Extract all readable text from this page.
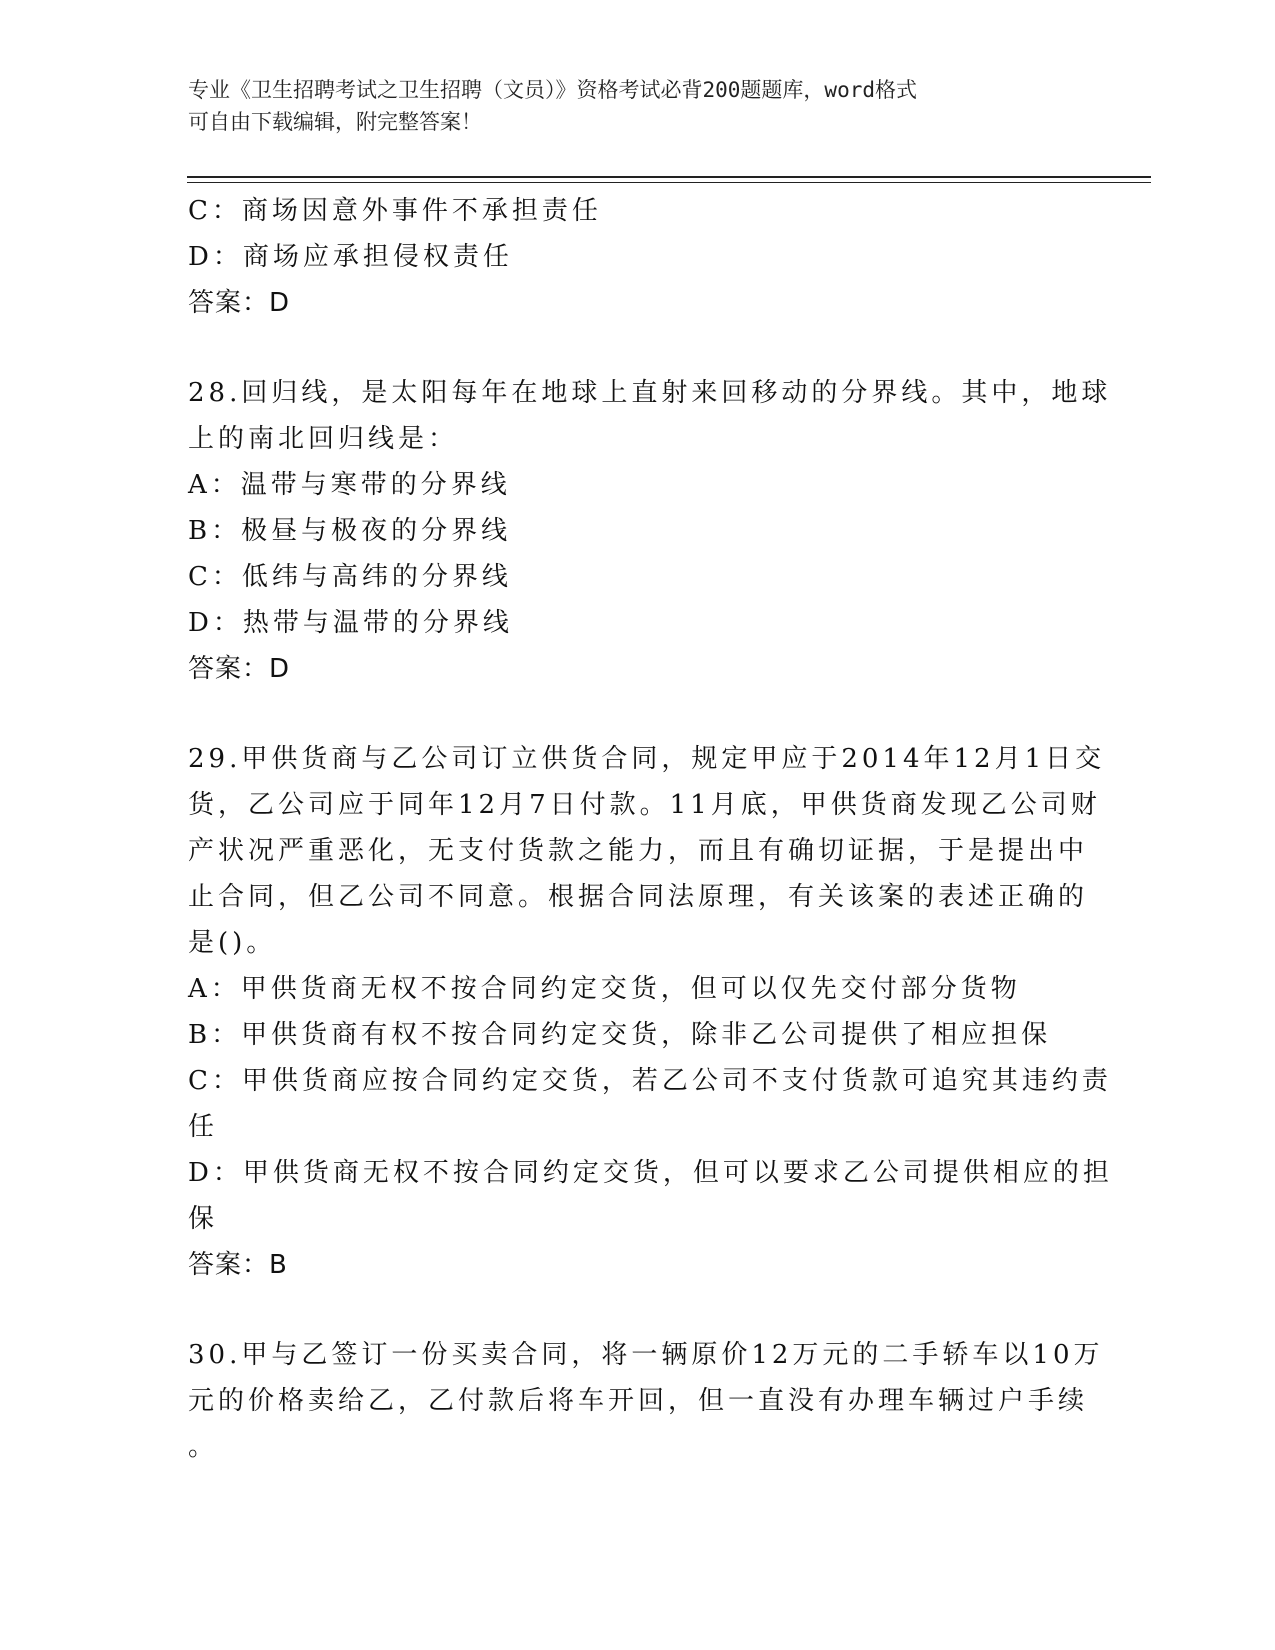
专业《卫生招聘考试之卫生招聘（文员）》资格考试必背200题题库，word格式
可自由下载编辑，附完整答案！
C：商场因意外事件不承担责任
D：商场应承担侵权责任
答案：D
28.回归线，是太阳每年在地球上直射来回移动的分界线。其中，地球
上的南北回归线是：
A：温带与寒带的分界线
B：极昼与极夜的分界线
C：低纬与高纬的分界线
D：热带与温带的分界线
答案：D
29.甲供货商与乙公司订立供货合同，规定甲应于2014年12月1日交
货，乙公司应于同年12月7日付款。11月底，甲供货商发现乙公司财
产状况严重恶化，无支付货款之能力，而且有确切证据，于是提出中
止合同，但乙公司不同意。根据合同法原理，有关该案的表述正确的
是()。
A：甲供货商无权不按合同约定交货，但可以仅先交付部分货物
B：甲供货商有权不按合同约定交货，除非乙公司提供了相应担保
C：甲供货商应按合同约定交货，若乙公司不支付货款可追究其违约责
任
D：甲供货商无权不按合同约定交货，但可以要求乙公司提供相应的担
保
答案：B
30.甲与乙签订一份买卖合同，将一辆原价12万元的二手轿车以10万
元的价格卖给乙，乙付款后将车开回，但一直没有办理车辆过户手续
。
